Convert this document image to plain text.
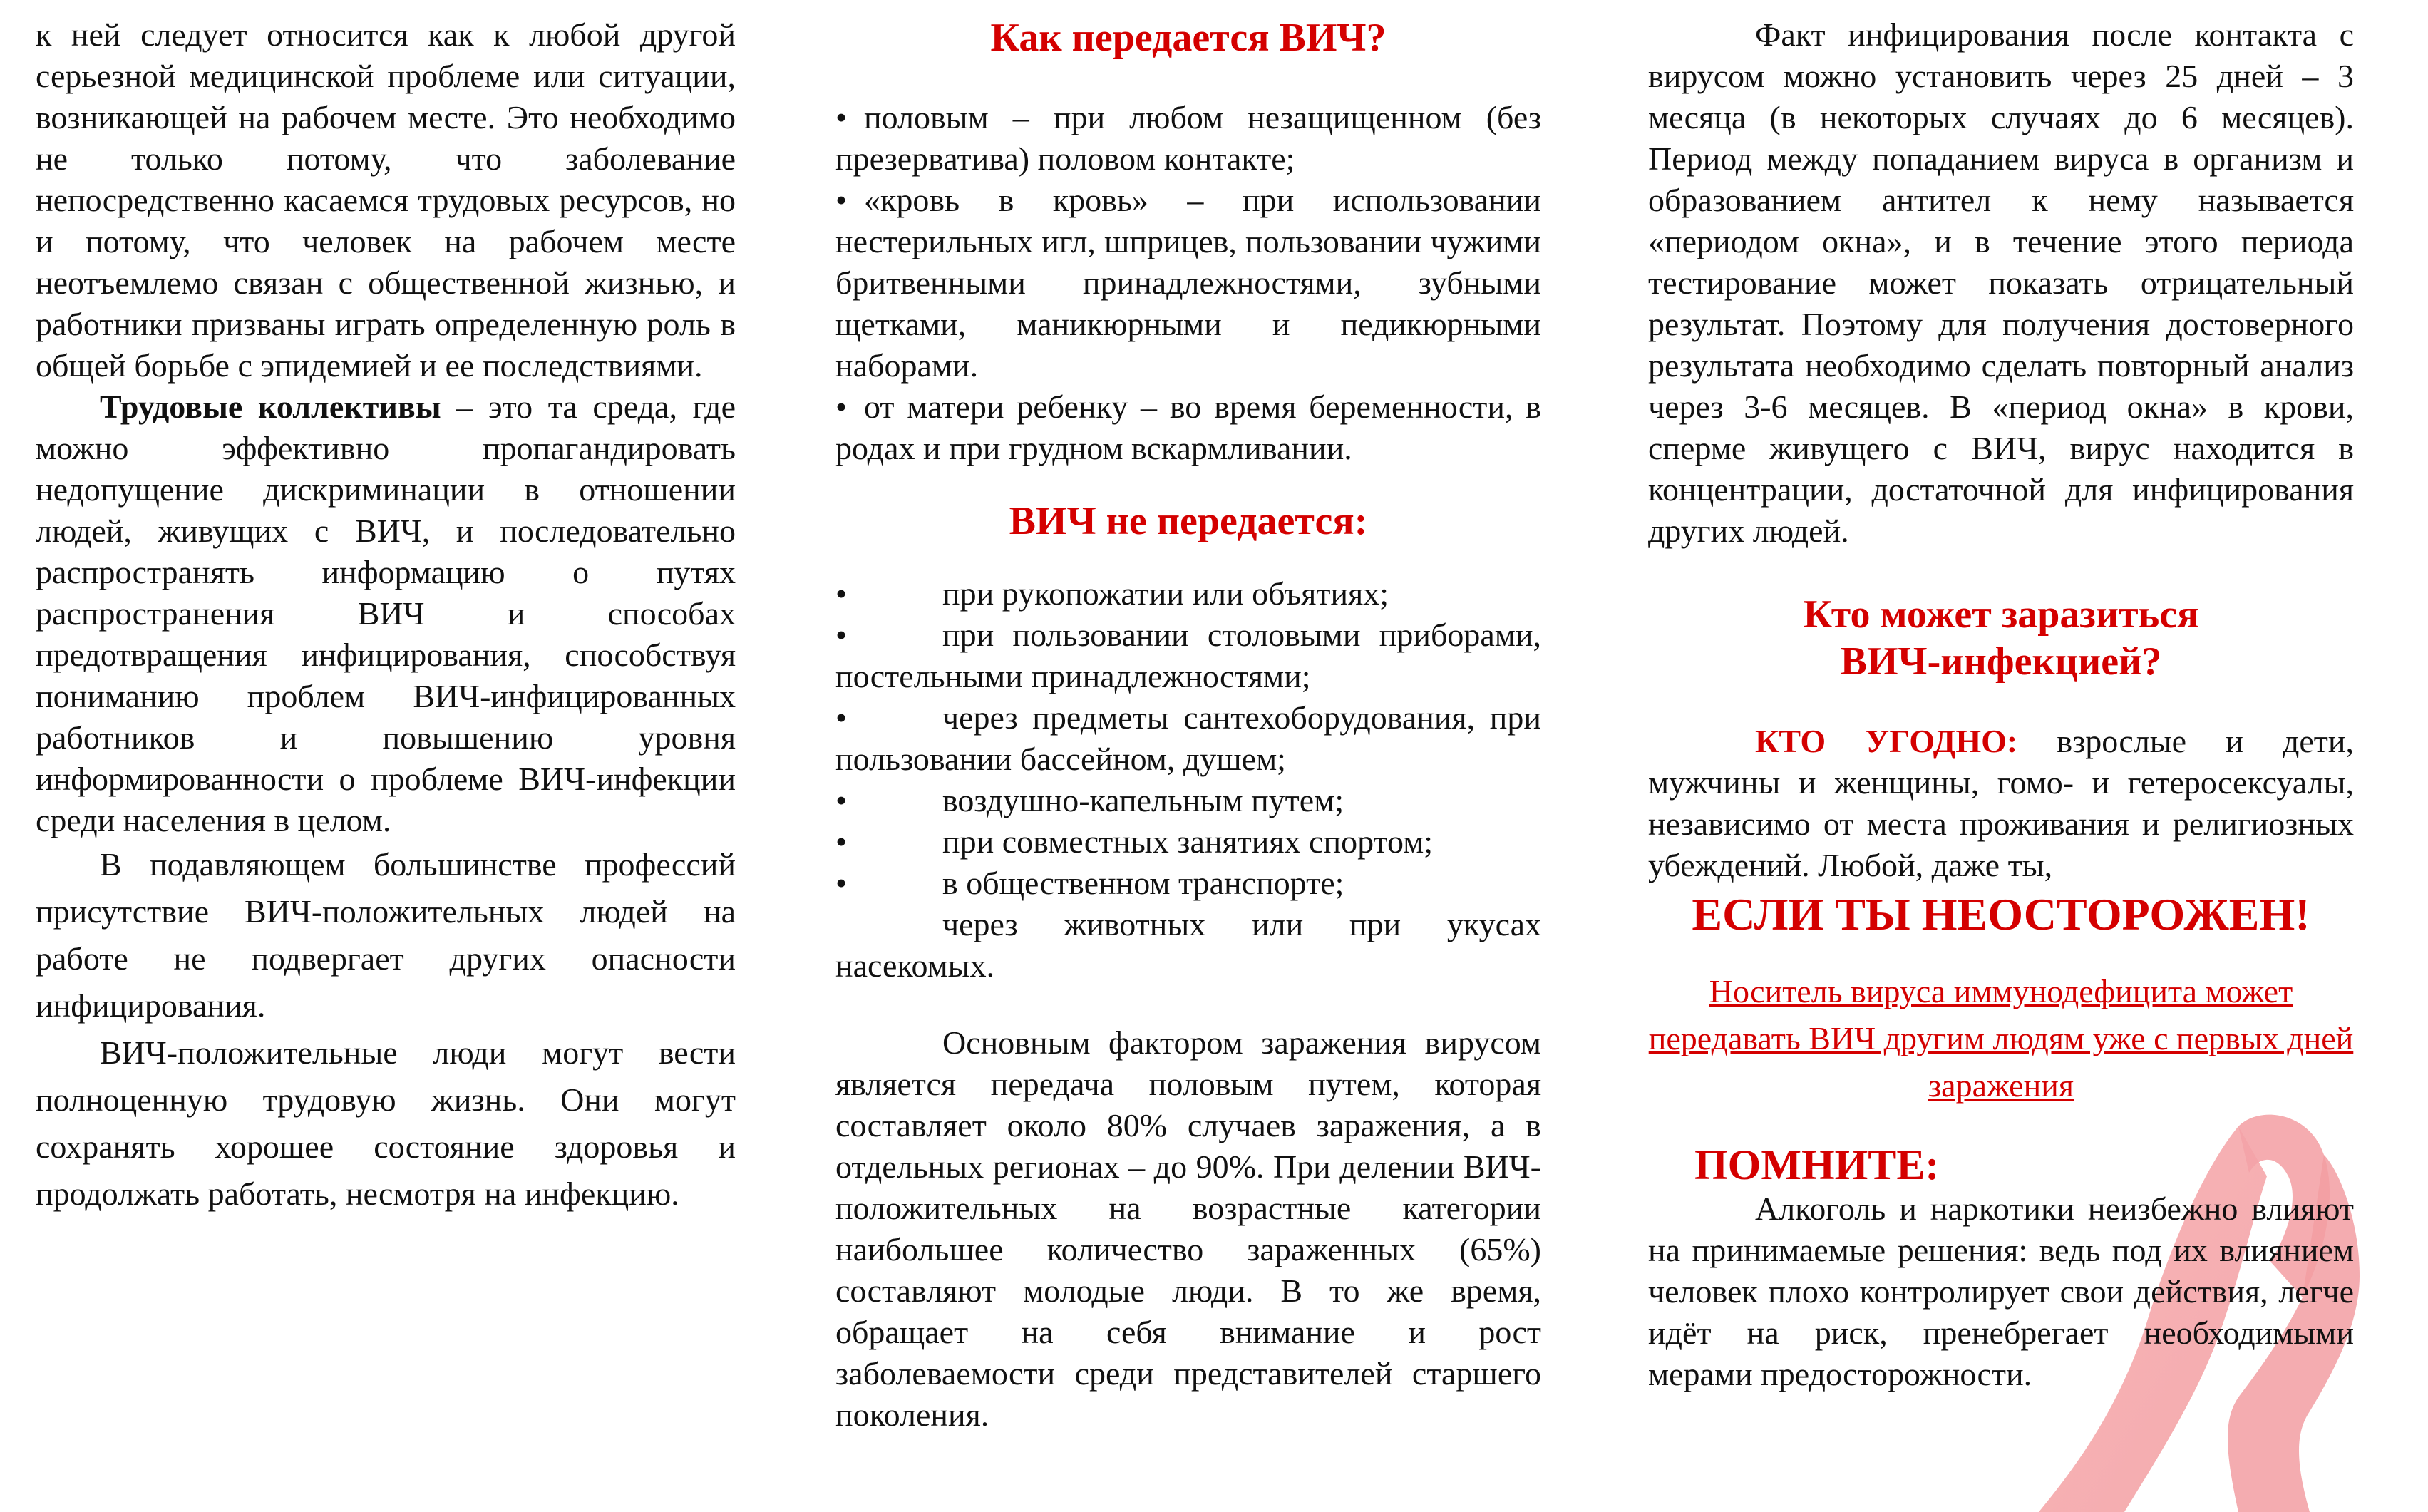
к ней следует относится как к любой другой серьезной медицинской проблеме или ситуации, возникающей на рабочем месте. Это необходимо не только потому, что заболевание непосредственно касаемся трудовых ресурсов, но и потому, что человек на рабочем месте неотъемлемо связан с общественной жизнью, и работники призваны играть определенную роль в общей борьбе с эпидемией и ее последствиями.

Трудовые коллективы – это та среда, где можно эффективно пропагандировать недопущение дискриминации в отношении людей, живущих с ВИЧ, и последовательно распространять информацию о путях распространения ВИЧ и способах предотвращения инфицирования, способствуя пониманию проблем ВИЧ-инфицированных работников и повышению уровня информированности о проблеме ВИЧ-инфекции среди населения в целом.

В подавляющем большинстве профессий присутствие ВИЧ-положительных людей на работе не подвергает других опасности инфицирования.

ВИЧ-положительные люди могут вести полноценную трудовую жизнь. Они могут сохранять хорошее состояние здоровья и продолжать работать, несмотря на инфекцию.

Как передается ВИЧ?
• половым – при любом незащищенном (без презерватива) половом контакте;
• «кровь в кровь» – при использовании нестерильных игл, шприцев, пользовании чужими бритвенными принадлежностями, зубными щетками, маникюрными и педикюрными наборами.
• от матери ребенку – во время беременности, в родах и при грудном вскармливании.
ВИЧ не передается:
•	при рукопожатии или объятиях;
•	при пользовании столовыми приборами, постельными принадлежностями;
•	через предметы сантехоборудования, при пользовании бассейном, душем;
•	воздушно-капельным путем;
•	при совместных занятиях спортом;
•	в общественном транспорте;
через животных или при укусах насекомых.

Основным фактором заражения вирусом является передача половым путем, которая составляет около 80% случаев заражения, а в отдельных регионах – до 90%. При делении ВИЧ-положительных на возрастные категории наибольшее количество зараженных (65%) составляют молодые люди. В то же время, обращает на себя внимание и рост заболеваемости среди представителей старшего поколения.

Факт инфицирования после контакта с вирусом можно установить через 25 дней – 3 месяца (в некоторых случаях до 6 месяцев). Период между попаданием вируса в организм и образованием антител к нему называется «периодом окна», и в течение этого периода тестирование может показать отрицательный результат. Поэтому для получения достоверного результата необходимо сделать повторный анализ через 3-6 месяцев. В «период окна» в крови, сперме живущего с ВИЧ, вирус находится в концентрации, достаточной для инфицирования других людей.

Кто может заразиться
ВИЧ-инфекцией?

КТО УГОДНО: взрослые и дети, мужчины и женщины, гомо- и гетеросексуалы, независимо от места проживания и религиозных убеждений. Любой, даже ты,

ЕСЛИ ТЫ НЕОСТОРОЖЕН!

Носитель вируса иммунодефицита может передавать ВИЧ другим людям уже с первых дней заражения

ПОМНИТЕ:

Алкоголь и наркотики неизбежно влияют на принимаемые решения: ведь под их влиянием человек плохо контролирует свои действия, легче идёт на риск, пренебрегает необходимыми мерами предосторожности.
